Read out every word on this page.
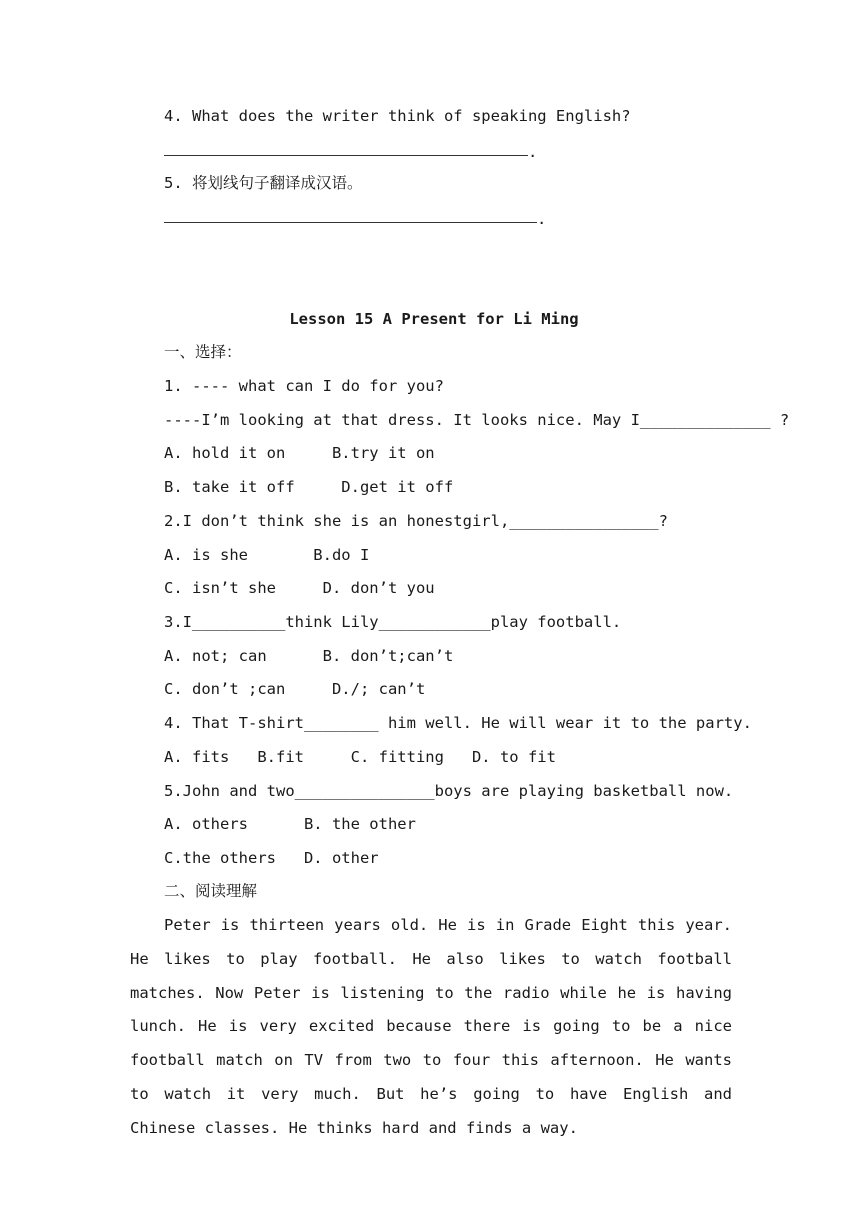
4. What does the writer think of speaking English?
.
5. 将划线句子翻译成汉语。
.
Lesson 15 A Present for Li Ming
一、选择：
1. ---- what can I do for you?
----I’m looking at that dress. It looks nice. May I______________ ?
A. hold it on     B.try it on
B. take it off     D.get it off
2.I don’t think she is an honestgirl,________________?
A. is she       B.do I
C. isn’t she     D. don’t you
3.I__________think Lily____________play football.
A. not; can      B. don’t;can’t
C. don’t ;can     D./; can’t
4. That T-shirt________ him well. He will wear it to the party.
A. fits   B.fit     C. fitting   D. to fit
5.John and two_______________boys are playing basketball now.
A. others      B. the other
C.the others   D. other
二、阅读理解
Peter is thirteen years old. He is in Grade Eight this year. He likes to play football. He also likes to watch football matches. Now Peter is listening to the radio while he is having lunch. He is very excited because there is going to be a nice football match on TV from two to four this afternoon. He wants to watch it very much. But he’s going to have English and Chinese classes. He thinks hard and finds a way.
